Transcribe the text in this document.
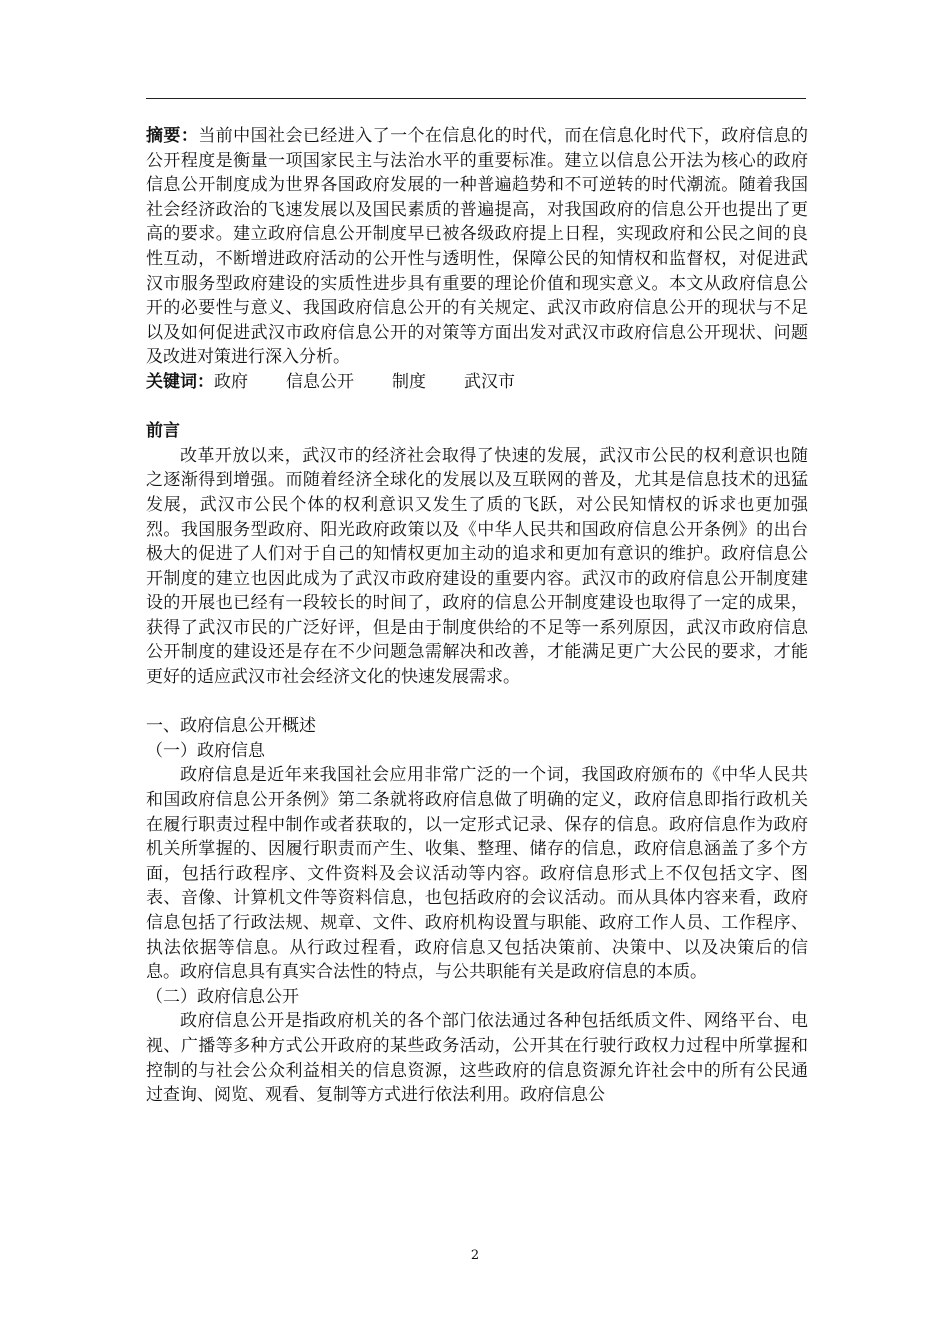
摘要：当前中国社会已经进入了一个在信息化的时代，而在信息化时代下，政府信息的公开程度是衡量一项国家民主与法治水平的重要标准。建立以信息公开法为核心的政府信息公开制度成为世界各国政府发展的一种普遍趋势和不可逆转的时代潮流。随着我国社会经济政治的飞速发展以及国民素质的普遍提高，对我国政府的信息公开也提出了更高的要求。建立政府信息公开制度早已被各级政府提上日程，实现政府和公民之间的良性互动，不断增进政府活动的公开性与透明性，保障公民的知情权和监督权，对促进武汉市服务型政府建设的实质性进步具有重要的理论价值和现实意义。本文从政府信息公开的必要性与意义、我国政府信息公开的有关规定、武汉市政府信息公开的现状与不足以及如何促进武汉市政府信息公开的对策等方面出发对武汉市政府信息公开现状、问题及改进对策进行深入分析。

关键词：政府 信息公开 制度 武汉市

前言

改革开放以来，武汉市的经济社会取得了快速的发展，武汉市公民的权利意识也随之逐渐得到增强。而随着经济全球化的发展以及互联网的普及，尤其是信息技术的迅猛发展，武汉市公民个体的权利意识又发生了质的飞跃，对公民知情权的诉求也更加强烈。我国服务型政府、阳光政府政策以及《中华人民共和国政府信息公开条例》的出台极大的促进了人们对于自己的知情权更加主动的追求和更加有意识的维护。政府信息公开制度的建立也因此成为了武汉市政府建设的重要内容。武汉市的政府信息公开制度建设的开展也已经有一段较长的时间了，政府的信息公开制度建设也取得了一定的成果，获得了武汉市民的广泛好评，但是由于制度供给的不足等一系列原因，武汉市政府信息公开制度的建设还是存在不少问题急需解决和改善，才能满足更广大公民的要求，才能更好的适应武汉市社会经济文化的快速发展需求。

一、政府信息公开概述

（一）政府信息

政府信息是近年来我国社会应用非常广泛的一个词，我国政府颁布的《中华人民共和国政府信息公开条例》第二条就将政府信息做了明确的定义，政府信息即指行政机关在履行职责过程中制作或者获取的，以一定形式记录、保存的信息。政府信息作为政府机关所掌握的、因履行职责而产生、收集、整理、储存的信息，政府信息涵盖了多个方面，包括行政程序、文件资料及会议活动等内容。政府信息形式上不仅包括文字、图表、音像、计算机文件等资料信息，也包括政府的会议活动。而从具体内容来看，政府信息包括了行政法规、规章、文件、政府机构设置与职能、政府工作人员、工作程序、执法依据等信息。从行政过程看，政府信息又包括决策前、决策中、以及决策后的信息。政府信息具有真实合法性的特点，与公共职能有关是政府信息的本质。

（二）政府信息公开

政府信息公开是指政府机关的各个部门依法通过各种包括纸质文件、网络平台、电视、广播等多种方式公开政府的某些政务活动，公开其在行驶行政权力过程中所掌握和控制的与社会公众利益相关的信息资源，这些政府的信息资源允许社会中的所有公民通过查询、阅览、观看、复制等方式进行依法利用。政府信息公

2
